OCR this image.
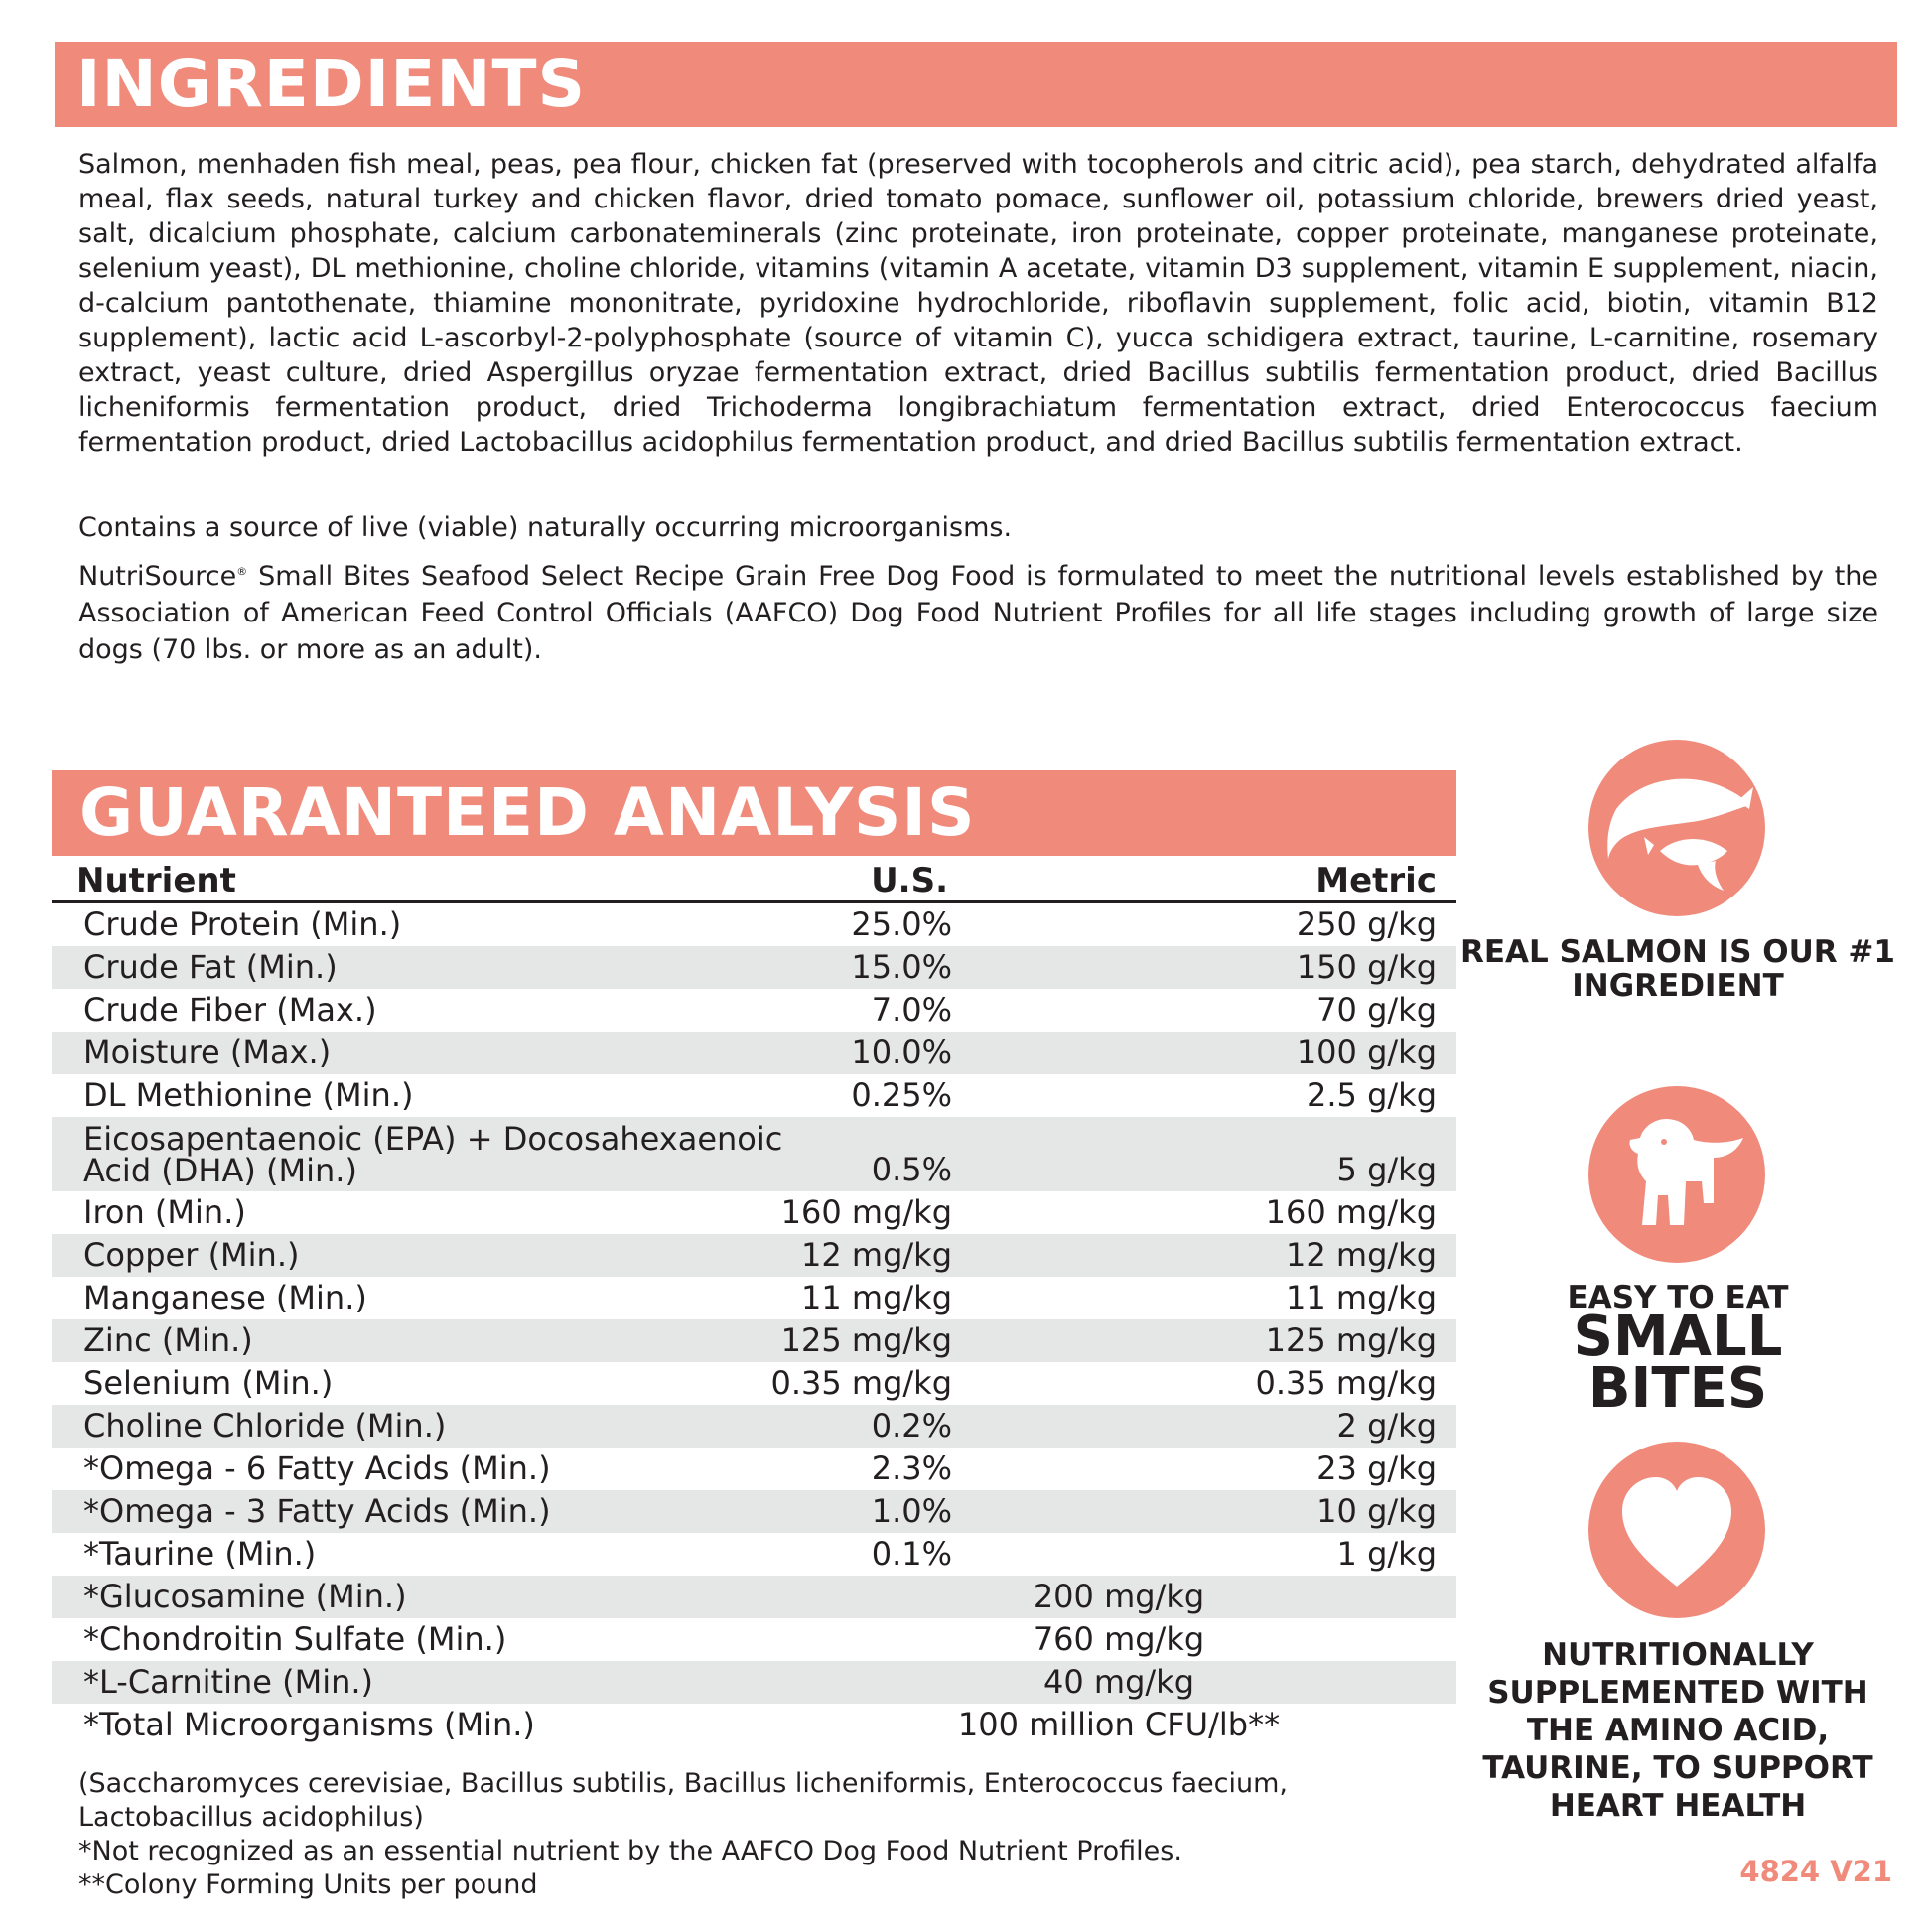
INGREDIENTS

Salmon, menhaden fish meal, peas, pea flour, chicken fat (preserved with tocopherols and citric acid), pea starch, dehydrated alfalfa meal, flax seeds, natural turkey and chicken flavor, dried tomato pomace, sunflower oil, potassium chloride, brewers dried yeast, salt, dicalcium phosphate, calcium carbonateminerals (zinc proteinate, iron proteinate, copper proteinate, manganese proteinate, selenium yeast), DL methionine, choline chloride, vitamins (vitamin A acetate, vitamin D3 supplement, vitamin E supplement, niacin, d-calcium pantothenate, thiamine mononitrate, pyridoxine hydrochloride, riboflavin supplement, folic acid, biotin, vitamin B12 supplement), lactic acid L-ascorbyl-2-polyphosphate (source of vitamin C), yucca schidigera extract, taurine, L-carnitine, rosemary extract, yeast culture, dried Aspergillus oryzae fermentation extract, dried Bacillus subtilis fermentation product, dried Bacillus licheniformis fermentation product, dried Trichoderma longibrachiatum fermentation extract, dried Enterococcus faecium fermentation product, dried Lactobacillus acidophilus fermentation product, and dried Bacillus subtilis fermentation extract.

Contains a source of live (viable) naturally occurring microorganisms.

NutriSource® Small Bites Seafood Select Recipe Grain Free Dog Food is formulated to meet the nutritional levels established by the Association of American Feed Control Officials (AAFCO) Dog Food Nutrient Profiles for all life stages including growth of large size dogs (70 lbs. or more as an adult).

GUARANTEED ANALYSIS
Nutrient	U.S.	Metric
Crude Protein (Min.)	25.0%	250 g/kg
Crude Fat (Min.)	15.0%	150 g/kg
Crude Fiber (Max.)	7.0%	70 g/kg
Moisture (Max.)	10.0%	100 g/kg
DL Methionine (Min.)	0.25%	2.5 g/kg
Eicosapentaenoic (EPA) + Docosahexaenoic Acid (DHA) (Min.)	0.5%	5 g/kg
Iron (Min.)	160 mg/kg	160 mg/kg
Copper (Min.)	12 mg/kg	12 mg/kg
Manganese (Min.)	11 mg/kg	11 mg/kg
Zinc (Min.)	125 mg/kg	125 mg/kg
Selenium (Min.)	0.35 mg/kg	0.35 mg/kg
Choline Chloride (Min.)	0.2%	2 g/kg
*Omega - 6 Fatty Acids (Min.)	2.3%	23 g/kg
*Omega - 3 Fatty Acids (Min.)	1.0%	10 g/kg
*Taurine (Min.)	0.1%	1 g/kg
*Glucosamine (Min.)	200 mg/kg
*Chondroitin Sulfate (Min.)	760 mg/kg
*L-Carnitine (Min.)	40 mg/kg
*Total Microorganisms (Min.)	100 million CFU/lb**

(Saccharomyces cerevisiae, Bacillus subtilis, Bacillus licheniformis, Enterococcus faecium, Lactobacillus acidophilus)

*Not recognized as an essential nutrient by the AAFCO Dog Food Nutrient Profiles.

**Colony Forming Units per pound

REAL SALMON IS OUR #1 INGREDIENT

EASY TO EAT

SMALL

BITES

NUTRITIONALLY SUPPLEMENTED WITH THE AMINO ACID, TAURINE, TO SUPPORT HEART HEALTH

4824 V21
